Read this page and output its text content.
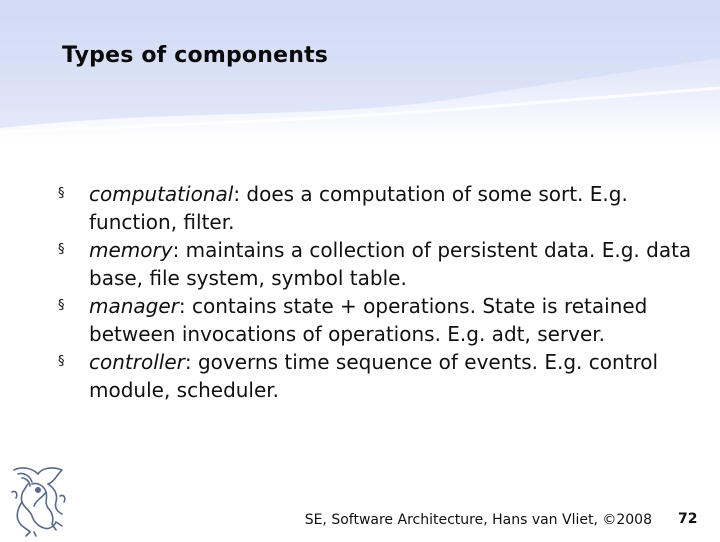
Types of components
§ computational: does a computation of some sort. E.g. function, filter.
§ memory: maintains a collection of persistent data. E.g. data base, file system, symbol table.
§ manager: contains state + operations. State is retained between invocations of operations. E.g. adt, server.
§ controller: governs time sequence of events. E.g. control module, scheduler.
SE, Software Architecture, Hans van Vliet, ©2008 72
